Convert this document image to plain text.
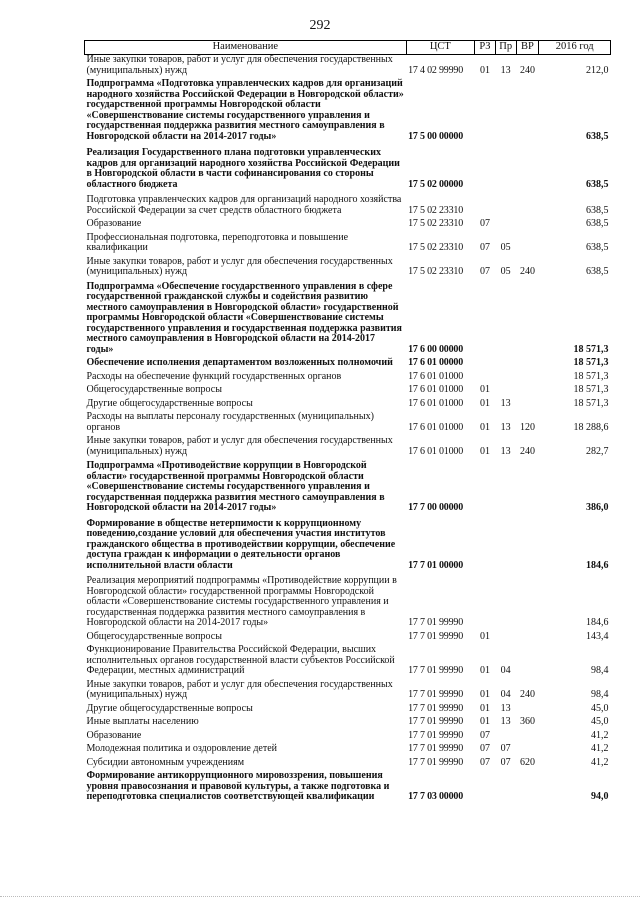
292
Наименование	ЦСТ	РЗ	Пр	ВР	2016 год
Иные закупки товаров, работ и услуг для обеспечения государственных (муниципальных) нужд	17 4 02 99990	01	13	240	212,0
Подпрограмма «Подготовка управленческих кадров для организаций народного хозяйства Российской Федерации в Новгородской области» государственной программы Новгородской области «Совершенствование системы государственного управления и государственная поддержка развития местного самоуправления в Новгородской области на 2014-2017 годы»	17 5 00 00000				638,5
Реализация Государственного плана подготовки управленческих кадров для организаций народного хозяйства Российской Федерации в Новгородской области в части софинансирования со стороны областного бюджета	17 5 02 00000				638,5
Подготовка управленческих кадров для организаций народного хозяйства Российской Федерации за счет средств областного бюджета	17 5 02 23310				638,5
Образование	17 5 02 23310	07			638,5
Профессиональная подготовка, переподготовка и повышение квалификации	17 5 02 23310	07	05		638,5
Иные закупки товаров, работ и услуг для обеспечения государственных (муниципальных) нужд	17 5 02 23310	07	05	240	638,5
Подпрограмма «Обеспечение государственного управления в сфере государственной гражданской службы и содействия развитию местного самоуправления в Новгородской области» государственной программы Новгородской области «Совершенствование системы государственного управления и государственная поддержка развития местного самоуправления в Новгородской области на 2014-2017 годы»	17 6 00 00000				18 571,3
Обеспечение исполнения департаментом возложенных полномочий	17 6 01 00000				18 571,3
Расходы на обеспечение функций государственных органов	17 6 01 01000				18 571,3
Общегосударственные вопросы	17 6 01 01000	01			18 571,3
Другие общегосударственные вопросы	17 6 01 01000	01	13		18 571,3
Расходы на выплаты персоналу государственных (муниципальных) органов	17 6 01 01000	01	13	120	18 288,6
Иные закупки товаров, работ и услуг для обеспечения государственных (муниципальных) нужд	17 6 01 01000	01	13	240	282,7
Подпрограмма «Противодействие коррупции в Новгородской области» государственной программы Новгородской области «Совершенствование системы государственного управления и государственная поддержка развития местного самоуправления в Новгородской области на 2014-2017 годы»	17 7 00 00000				386,0
Формирование в обществе нетерпимости к коррупционному поведению,создание условий для обеспечения участия институтов гражданского общества в противодействии коррупции, обеспечение доступа граждан к информации о деятельности органов исполнительной власти области	17 7 01 00000				184,6
Реализация мероприятий подпрограммы «Противодействие коррупции в Новгородской области» государственной программы Новгородской области «Совершенствование системы государственного управления и государственная поддержка развития местного самоуправления в Новгородской области на 2014-2017 годы»	17 7 01 99990				184,6
Общегосударственные вопросы	17 7 01 99990	01			143,4
Функционирование Правительства Российской Федерации, высших исполнительных органов государственной власти субъектов Российской Федерации, местных администраций	17 7 01 99990	01	04		98,4
Иные закупки товаров, работ и услуг для обеспечения государственных (муниципальных) нужд	17 7 01 99990	01	04	240	98,4
Другие общегосударственные вопросы	17 7 01 99990	01	13		45,0
Иные выплаты населению	17 7 01 99990	01	13	360	45,0
Образование	17 7 01 99990	07			41,2
Молодежная политика и оздоровление детей	17 7 01 99990	07	07		41,2
Субсидии автономным учреждениям	17 7 01 99990	07	07	620	41,2
Формирование антикоррупционного мировоззрения, повышения уровня правосознания и правовой культуры, а также подготовка и переподготовка специалистов соответствующей квалификации	17 7 03 00000				94,0
